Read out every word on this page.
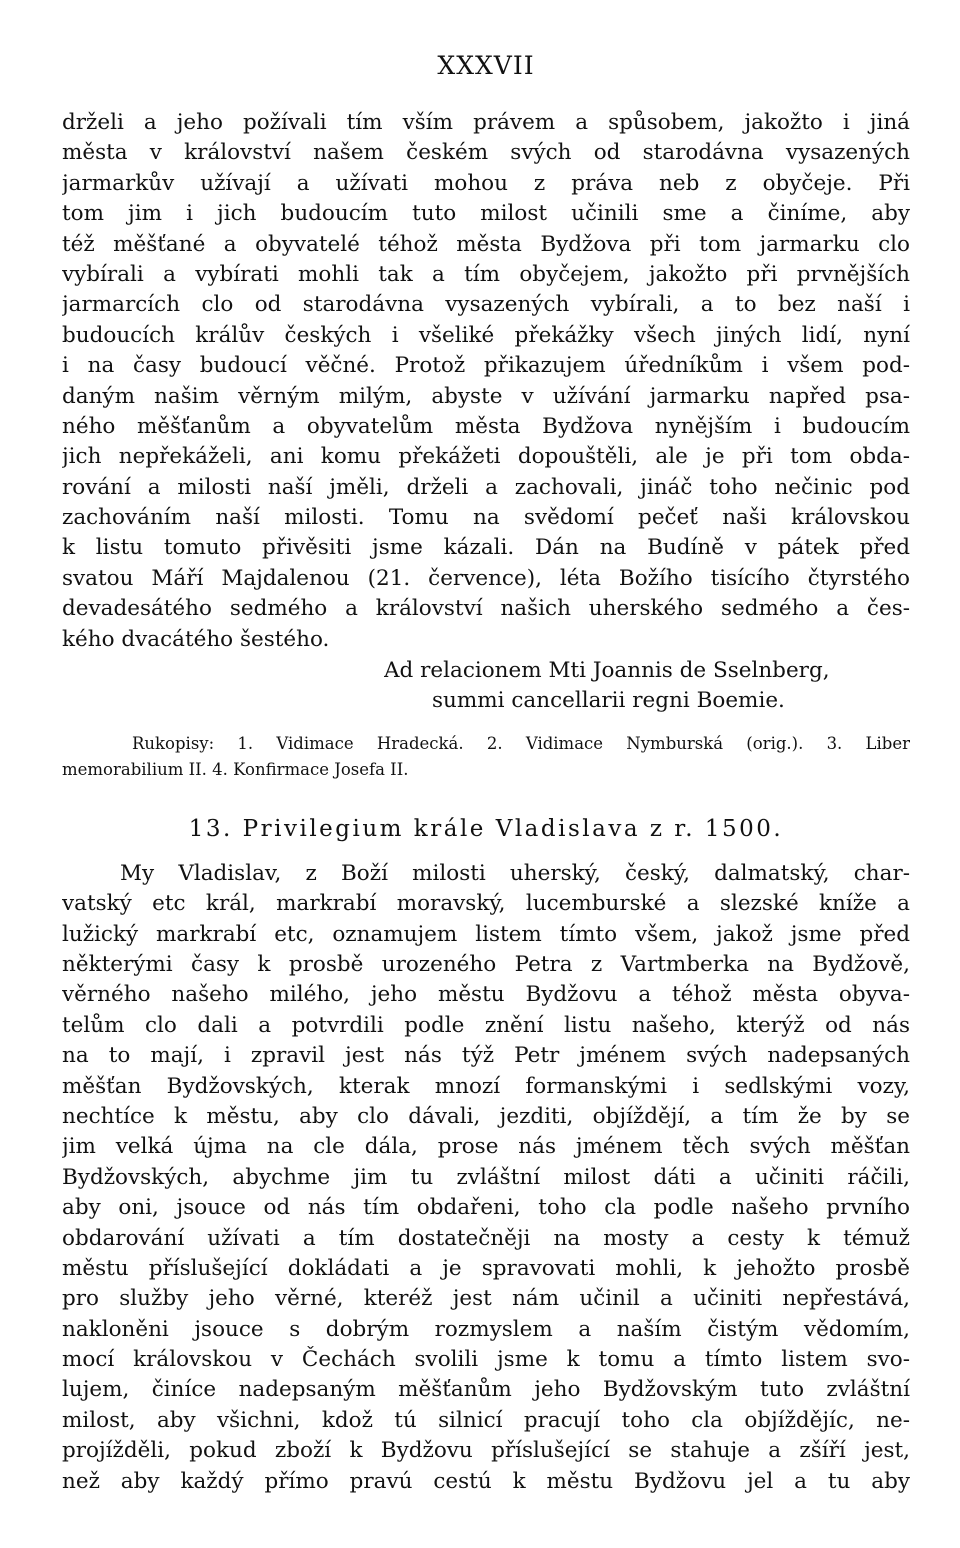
XXXVII
drželi a jeho požívali tím vším právem a spůsobem, jakožto i jiná
města v království našem českém svých od starodávna vysazených
jarmarkův užívají a užívati mohou z práva neb z obyčeje. Při
tom jim i jich budoucím tuto milost učinili sme a činíme, aby
též měšťané a obyvatelé téhož města Bydžova při tom jarmarku clo
vybírali a vybírati mohli tak a tím obyčejem, jakožto při prvnějších
jarmarcích clo od starodávna vysazených vybírali, a to bez naší i
budoucích králův českých i všeliké překážky všech jiných lidí, nyní
i na časy budoucí věčné. Protož přikazujem úředníkům i všem pod-
daným našim věrným milým, abyste v užívání jarmarku napřed psa-
ného měšťanům a obyvatelům města Bydžova nynějším i budoucím
jich nepřekáželi, ani komu překážeti dopouštěli, ale je při tom obda-
rování a milosti naší jměli, drželi a zachovali, jináč toho nečinic pod
zachováním naší milosti. Tomu na svědomí pečeť naši královskou
k listu tomuto přivěsiti jsme kázali. Dán na Budíně v pátek před
svatou Máří Majdalenou (21. července), léta Božího tisícího čtyrstého
devadesátého sedmého a království našich uherského sedmého a čes-
kého dvacátého šestého.
Ad relacionem Mti Joannis de Sselnberg,
summi cancellarii regni Boemie.
Rukopisy: 1. Vidimace Hradecká. 2. Vidimace Nymburská (orig.). 3. Liber
memorabilium II. 4. Konfirmace Josefa II.
13. Privilegium krále Vladislava z r. 1500.
My Vladislav, z Boží milosti uherský, český, dalmatský, char-
vatský etc král, markrabí moravský, lucemburské a slezské kníže a
lužický markrabí etc, oznamujem listem tímto všem, jakož jsme před
některými časy k prosbě urozeného Petra z Vartmberka na Bydžově,
věrného našeho milého, jeho městu Bydžovu a téhož města obyva-
telům clo dali a potvrdili podle znění listu našeho, kterýž od nás
na to mají, i zpravil jest nás týž Petr jménem svých nadepsaných
měšťan Bydžovských, kterak mnozí formanskými i sedlskými vozy,
nechtíce k městu, aby clo dávali, jezditi, objíždějí, a tím že by se
jim velká újma na cle dála, prose nás jménem těch svých měšťan
Bydžovských, abychme jim tu zvláštní milost dáti a učiniti ráčili,
aby oni, jsouce od nás tím obdařeni, toho cla podle našeho prvního
obdarování užívati a tím dostatečněji na mosty a cesty k témuž
městu příslušející dokládati a je spravovati mohli, k jehožto prosbě
pro služby jeho věrné, kteréž jest nám učinil a učiniti nepřestává,
nakloněni jsouce s dobrým rozmyslem a naším čistým vědomím,
mocí královskou v Čechách svolili jsme k tomu a tímto listem svo-
lujem, činíce nadepsaným měšťanům jeho Bydžovským tuto zvláštní
milost, aby všichni, kdož tú silnicí pracují toho cla objíždějíc, ne-
projížděli, pokud zboží k Bydžovu příslušející se stahuje a zšíří jest,
než aby každý přímo pravú cestú k městu Bydžovu jel a tu aby
